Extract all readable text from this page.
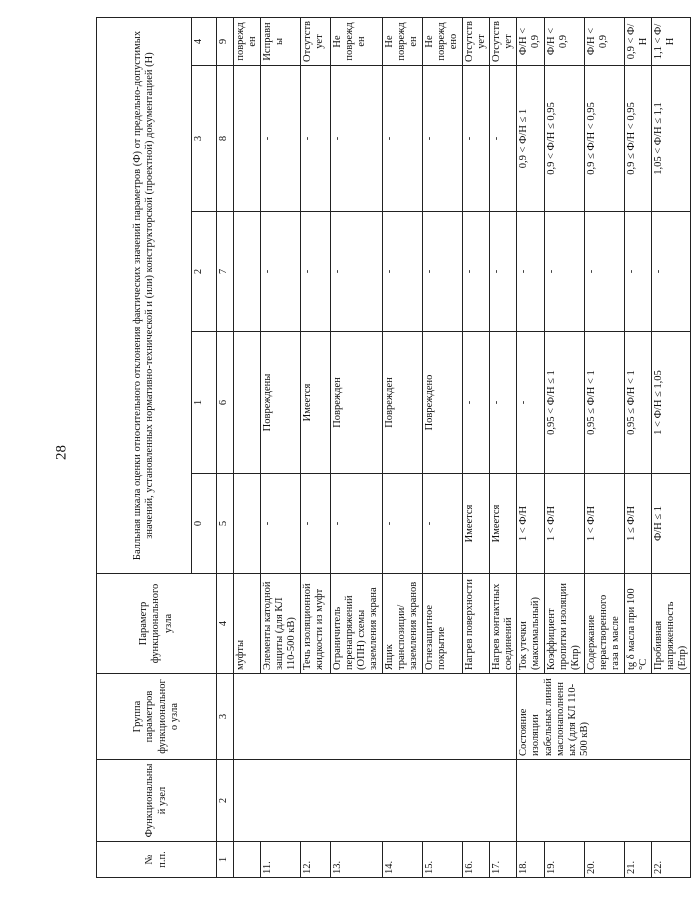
28
№ п.п.	Функциональный узел	Группа параметров функционального узла	Параметр функционального узла	Балльная шкала оценки относительного отклонения фактических значений параметров (Ф) от предельно-допустимых значений, установленных нормативно-технической и (или) конструкторской (проектной) документацией (Н)				
				0	1	2	3	4
1	2	3	4	5	6	7	8	9
			муфты					поврежден
11.			Элементы катодной защиты (для КЛ 110-500 кВ)	-	Повреждены	-	-	Исправны
12.			Течь изоляционной жидкости из муфт	-	Имеется	-	-	Отсутствует
13.			Ограничитель перенапряжений (ОПН) схемы заземления экрана	-	Поврежден	-	-	Не поврежден
14.			Ящик транспозиции/ заземления экранов	-	Поврежден	-	-	Не поврежден
15.			Огнезащитное покрытие	-	Повреждено	-	-	Не повреждено
16.			Нагрев поверхности	Имеется	-	-	-	Отсутствует
17.			Нагрев контактных соединений	Имеется	-	-	-	Отсутствует
18.		Состояние изоляции кабельных линий маслонаполненных (для КЛ 110-500 кВ)	Ток утечки (максимальный)	1 < Ф/Н	-	-	0,9 < Ф/Н ≤ 1	Ф/Н < 0,9
19.			Коэффициент пропитки изоляции (Кпр)	1 < Ф/Н	0,95 < Ф/Н ≤ 1	-	0,9 < Ф/Н ≤ 0,95	Ф/Н < 0,9
20.			Содержание нерастворенного газа в масле	1 < Ф/Н	0,95 ≤ Ф/Н < 1	-	0,9 ≤ Ф/Н < 0,95	Ф/Н < 0,9
21.			tg δ масла при 100 °С	1 ≤ Ф/Н	0,95 ≤ Ф/Н < 1	-	0,9 ≤ Ф/Н < 0,95	0,9 < Ф/Н
22.			Пробивная напряженность (Епр)	Ф/Н ≤ 1	1 < Ф/Н ≤ 1,05	-	1,05 < Ф/Н ≤ 1,1	1,1 < Ф/Н
